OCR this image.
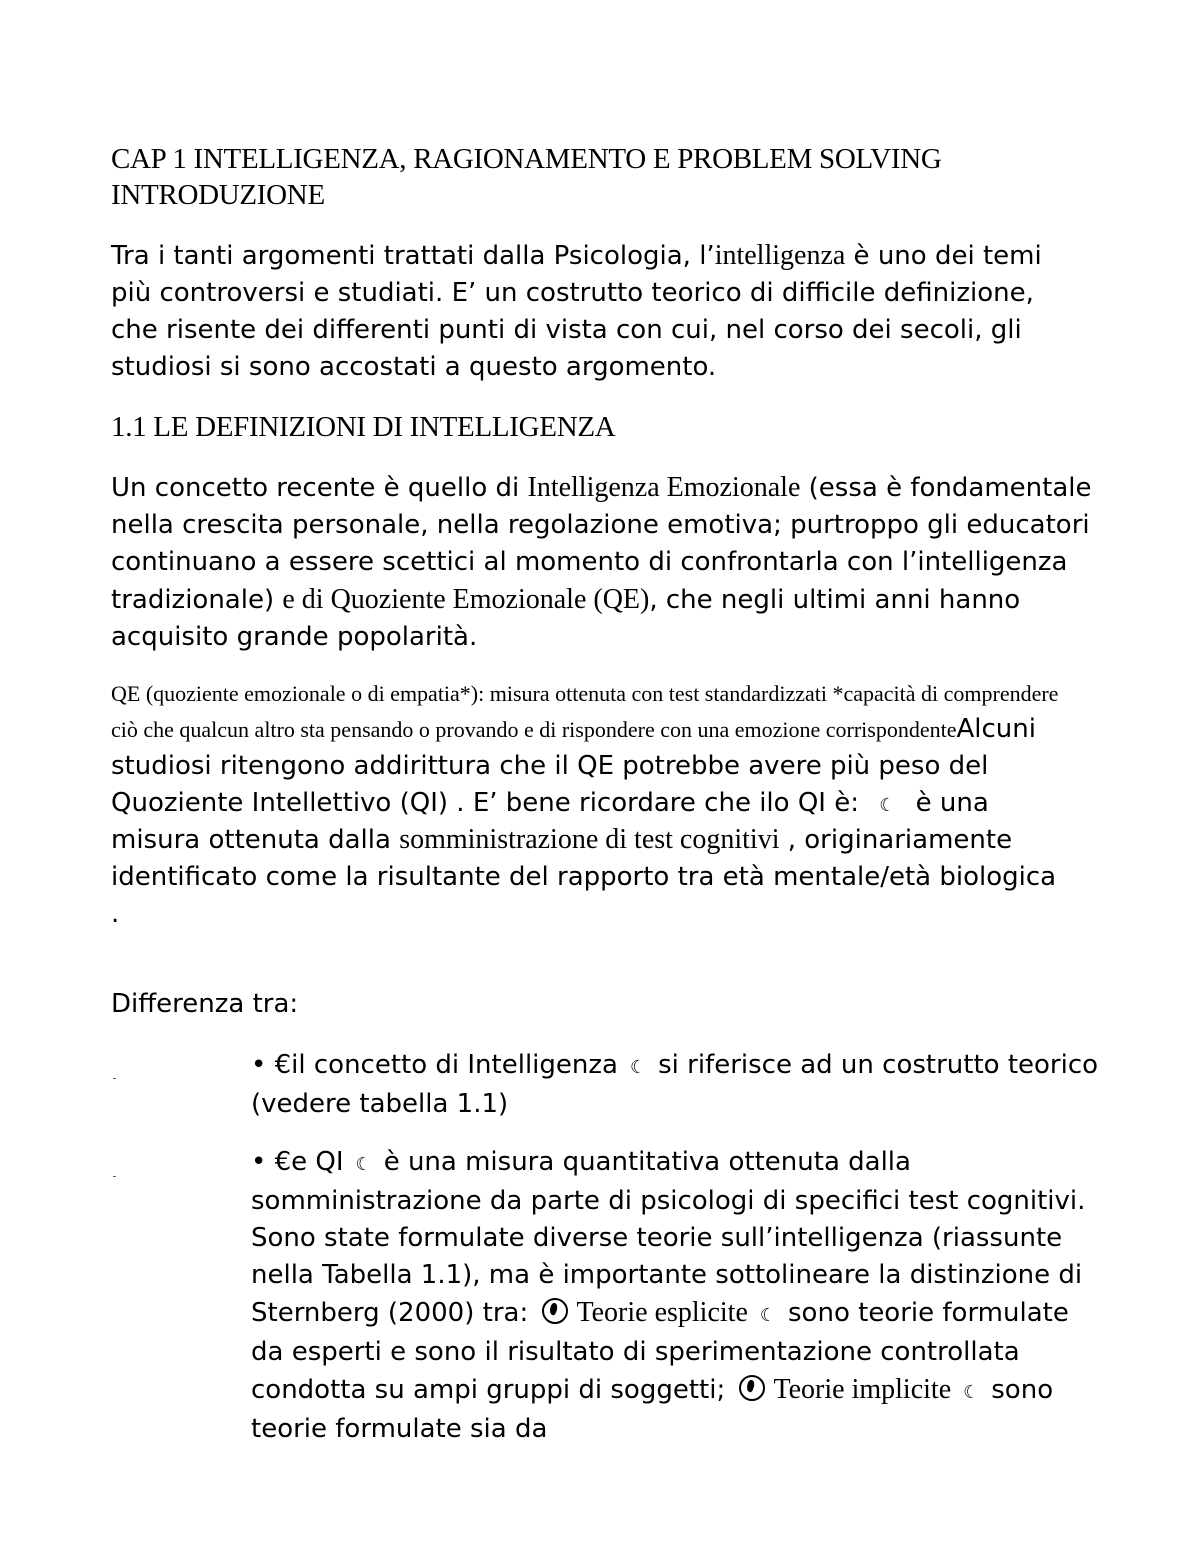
CAP 1 INTELLIGENZA, RAGIONAMENTO E PROBLEM SOLVING
INTRODUZIONE
Tra i tanti argomenti trattati dalla Psicologia, l’intelligenza è uno dei temi più controversi e studiati. E’ un costrutto teorico di difficile definizione, che risente dei differenti punti di vista con cui, nel corso dei secoli, gli studiosi si sono accostati a questo argomento.
1.1 LE DEFINIZIONI DI INTELLIGENZA
Un concetto recente è quello di Intelligenza Emozionale (essa è fondamentale nella crescita personale, nella regolazione emotiva; purtroppo gli educatori continuano a essere scettici al momento di confrontarla con l’intelligenza tradizionale) e di Quoziente Emozionale (QE), che negli ultimi anni hanno acquisito grande popolarità.
QE (quoziente emozionale o di empatia*): misura ottenuta con test standardizzati *capacità di comprendere ciò che qualcun altro sta pensando o provando e di rispondere con una emozione corrispondenteAlcuni studiosi ritengono addirittura che il QE potrebbe avere più peso del Quoziente Intellettivo (QI) . E’ bene ricordare che ilo QI è: ☾ è una misura ottenuta dalla somministrazione di test cognitivi , originariamente identificato come la risultante del rapporto tra età mentale/età biologica .
Differenza tra:
• €il concetto di Intelligenza ☾ si riferisce ad un costrutto teorico (vedere tabella 1.1)
• €e QI ☾ è una misura quantitativa ottenuta dalla somministrazione da parte di psicologi di specifici test cognitivi. Sono state formulate diverse teorie sull’intelligenza (riassunte nella Tabella 1.1), ma è importante sottolineare la distinzione di Sternberg (2000) tra: Teorie esplicite ☾ sono teorie formulate da esperti e sono il risultato di sperimentazione controllata condotta su ampi gruppi di soggetti; Teorie implicite ☾ sono teorie formulate sia da
